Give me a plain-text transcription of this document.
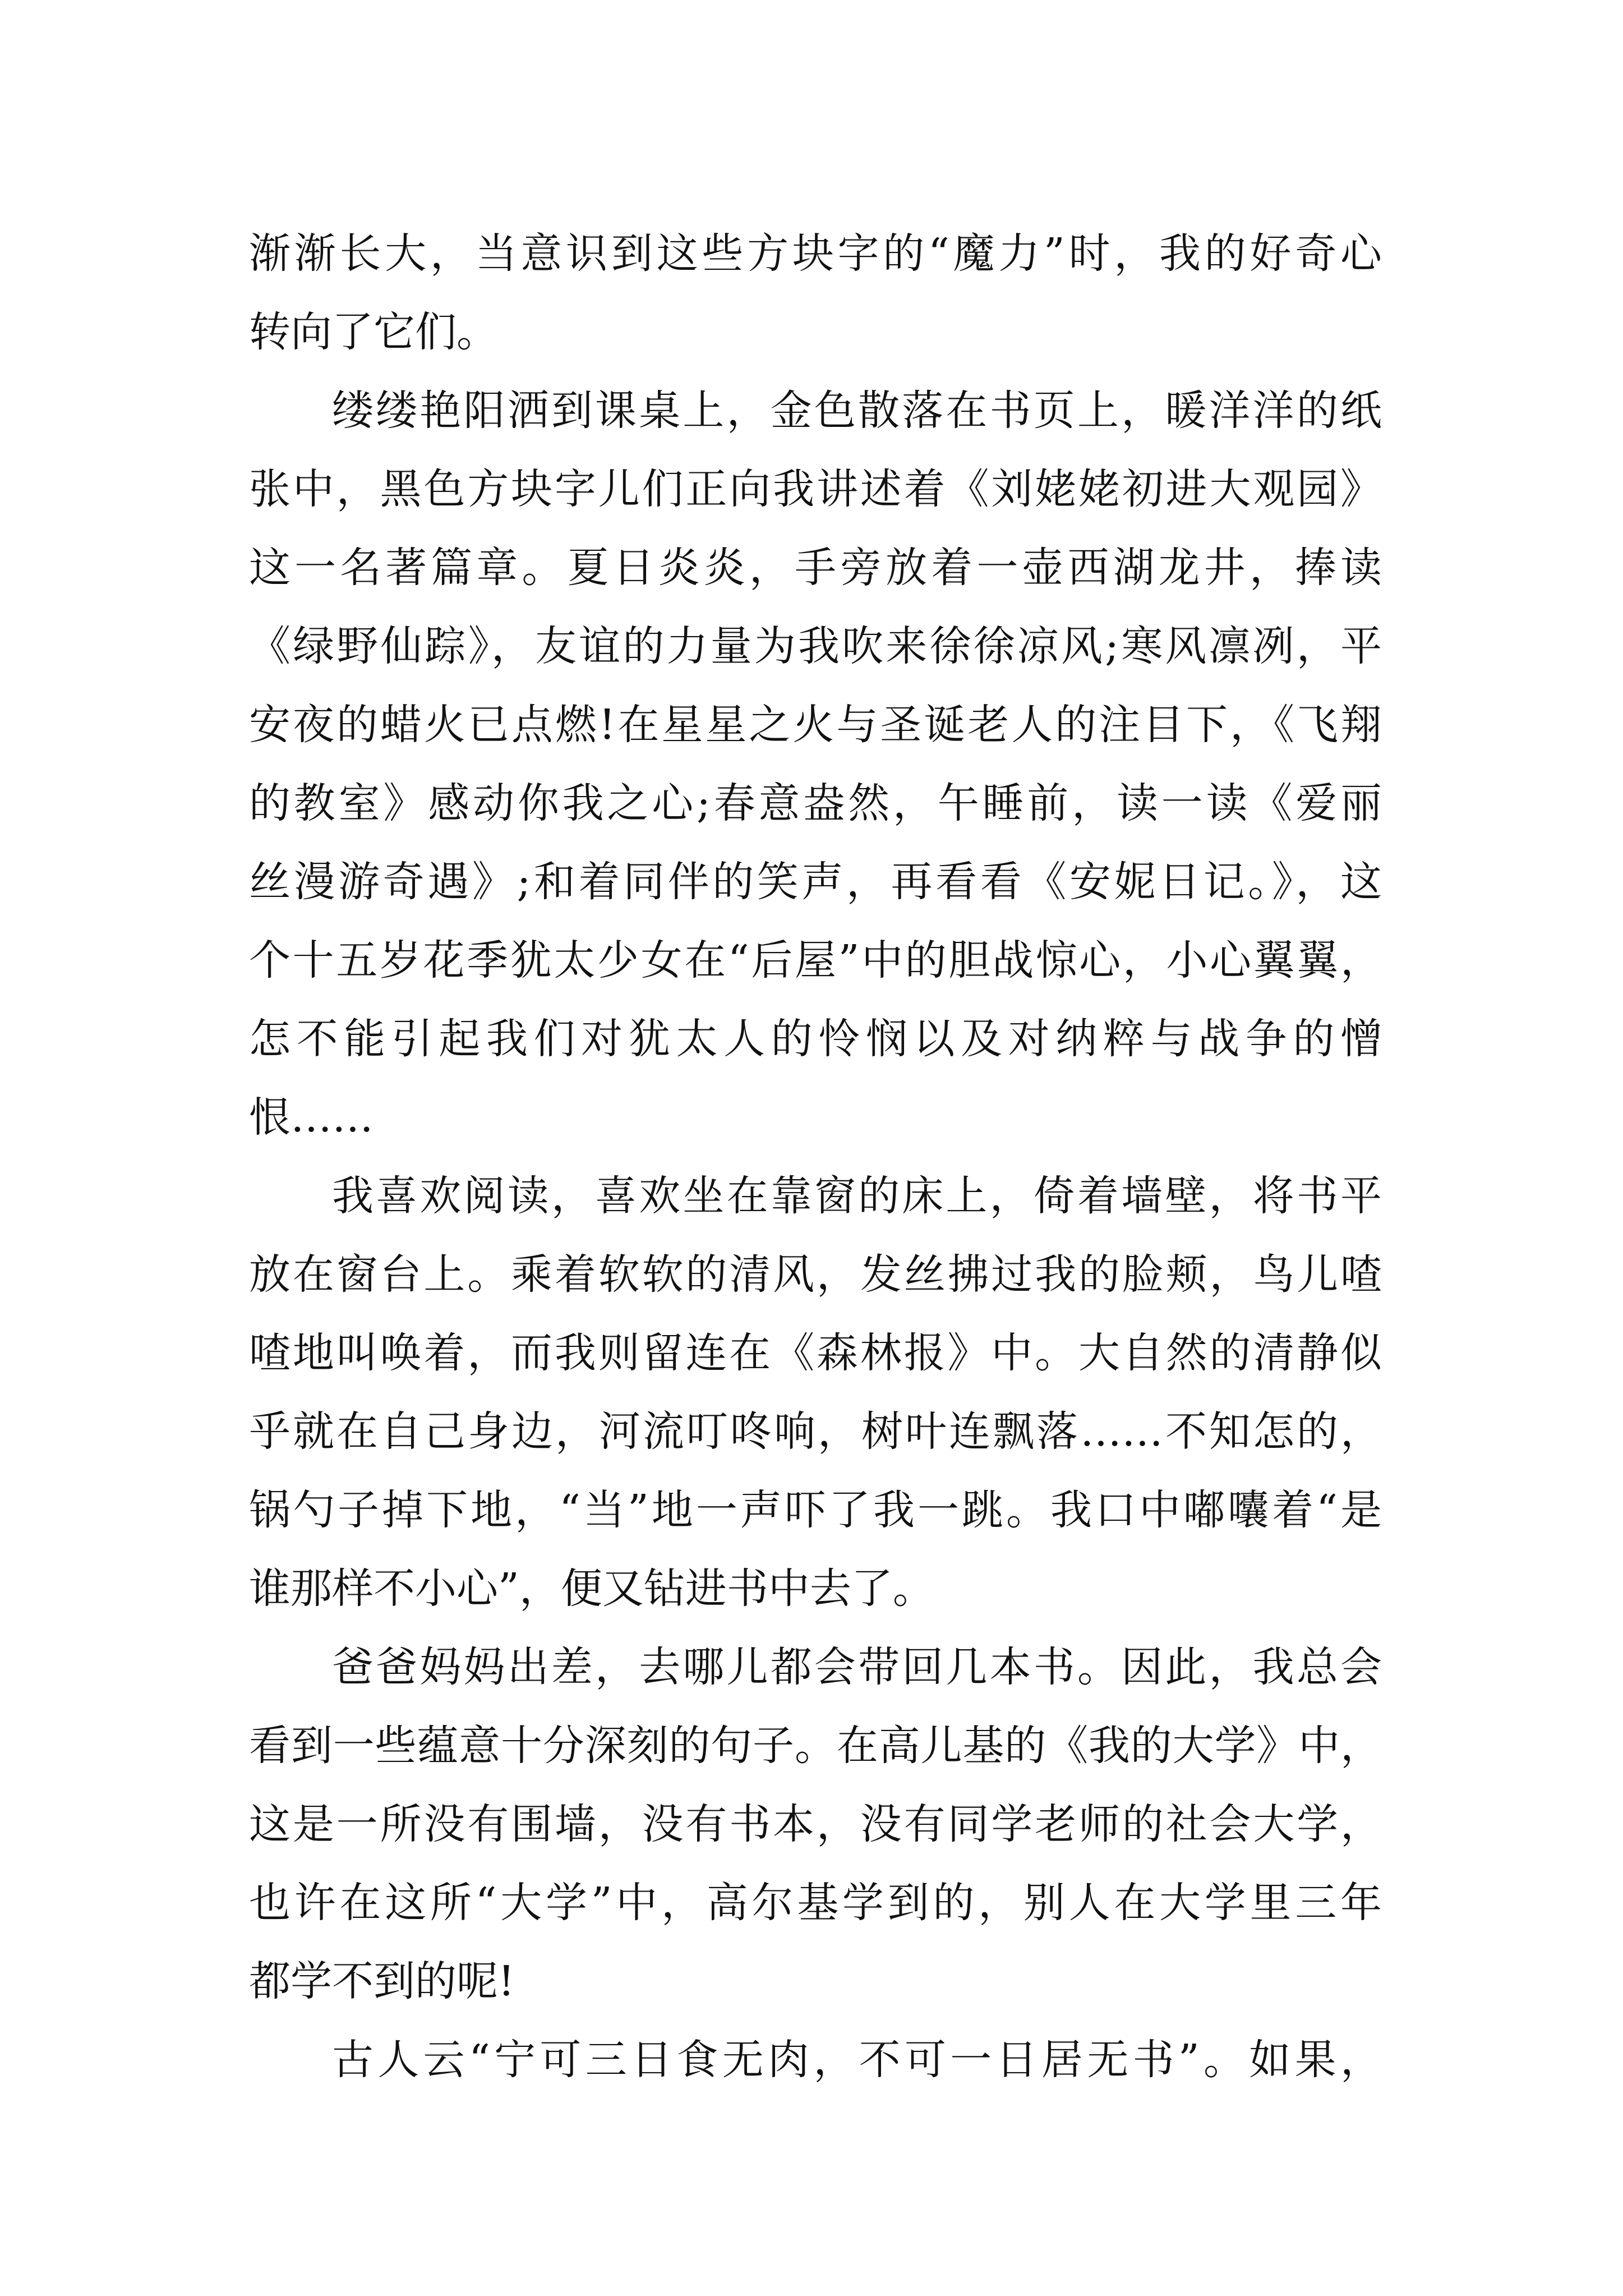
渐渐长大，当意识到这些方块字的“魔力”时，我的好奇心
转向了它们。
缕缕艳阳洒到课桌上，金色散落在书页上，暖洋洋的纸
张中，黑色方块字儿们正向我讲述着《刘姥姥初进大观园》
这一名著篇章。夏日炎炎，手旁放着一壶西湖龙井，捧读
《绿野仙踪》，友谊的力量为我吹来徐徐凉风;寒风凛冽，平
安夜的蜡火已点燃!在星星之火与圣诞老人的注目下，《飞翔
的教室》感动你我之心;春意盎然，午睡前，读一读《爱丽
丝漫游奇遇》;和着同伴的笑声，再看看《安妮日记。》，这
个十五岁花季犹太少女在“后屋”中的胆战惊心，小心翼翼，
怎不能引起我们对犹太人的怜悯以及对纳粹与战争的憎
恨……
我喜欢阅读，喜欢坐在靠窗的床上，倚着墙壁，将书平
放在窗台上。乘着软软的清风，发丝拂过我的脸颊，鸟儿喳
喳地叫唤着，而我则留连在《森林报》中。大自然的清静似
乎就在自己身边，河流叮咚响，树叶连飘落……不知怎的，
锅勺子掉下地，“当”地一声吓了我一跳。我口中嘟囔着“是
谁那样不小心”，便又钻进书中去了。
爸爸妈妈出差，去哪儿都会带回几本书。因此，我总会
看到一些蕴意十分深刻的句子。在高儿基的《我的大学》中，
这是一所没有围墙，没有书本，没有同学老师的社会大学，
也许在这所“大学”中，高尔基学到的，别人在大学里三年
都学不到的呢!
古人云“宁可三日食无肉，不可一日居无书”。如果，
